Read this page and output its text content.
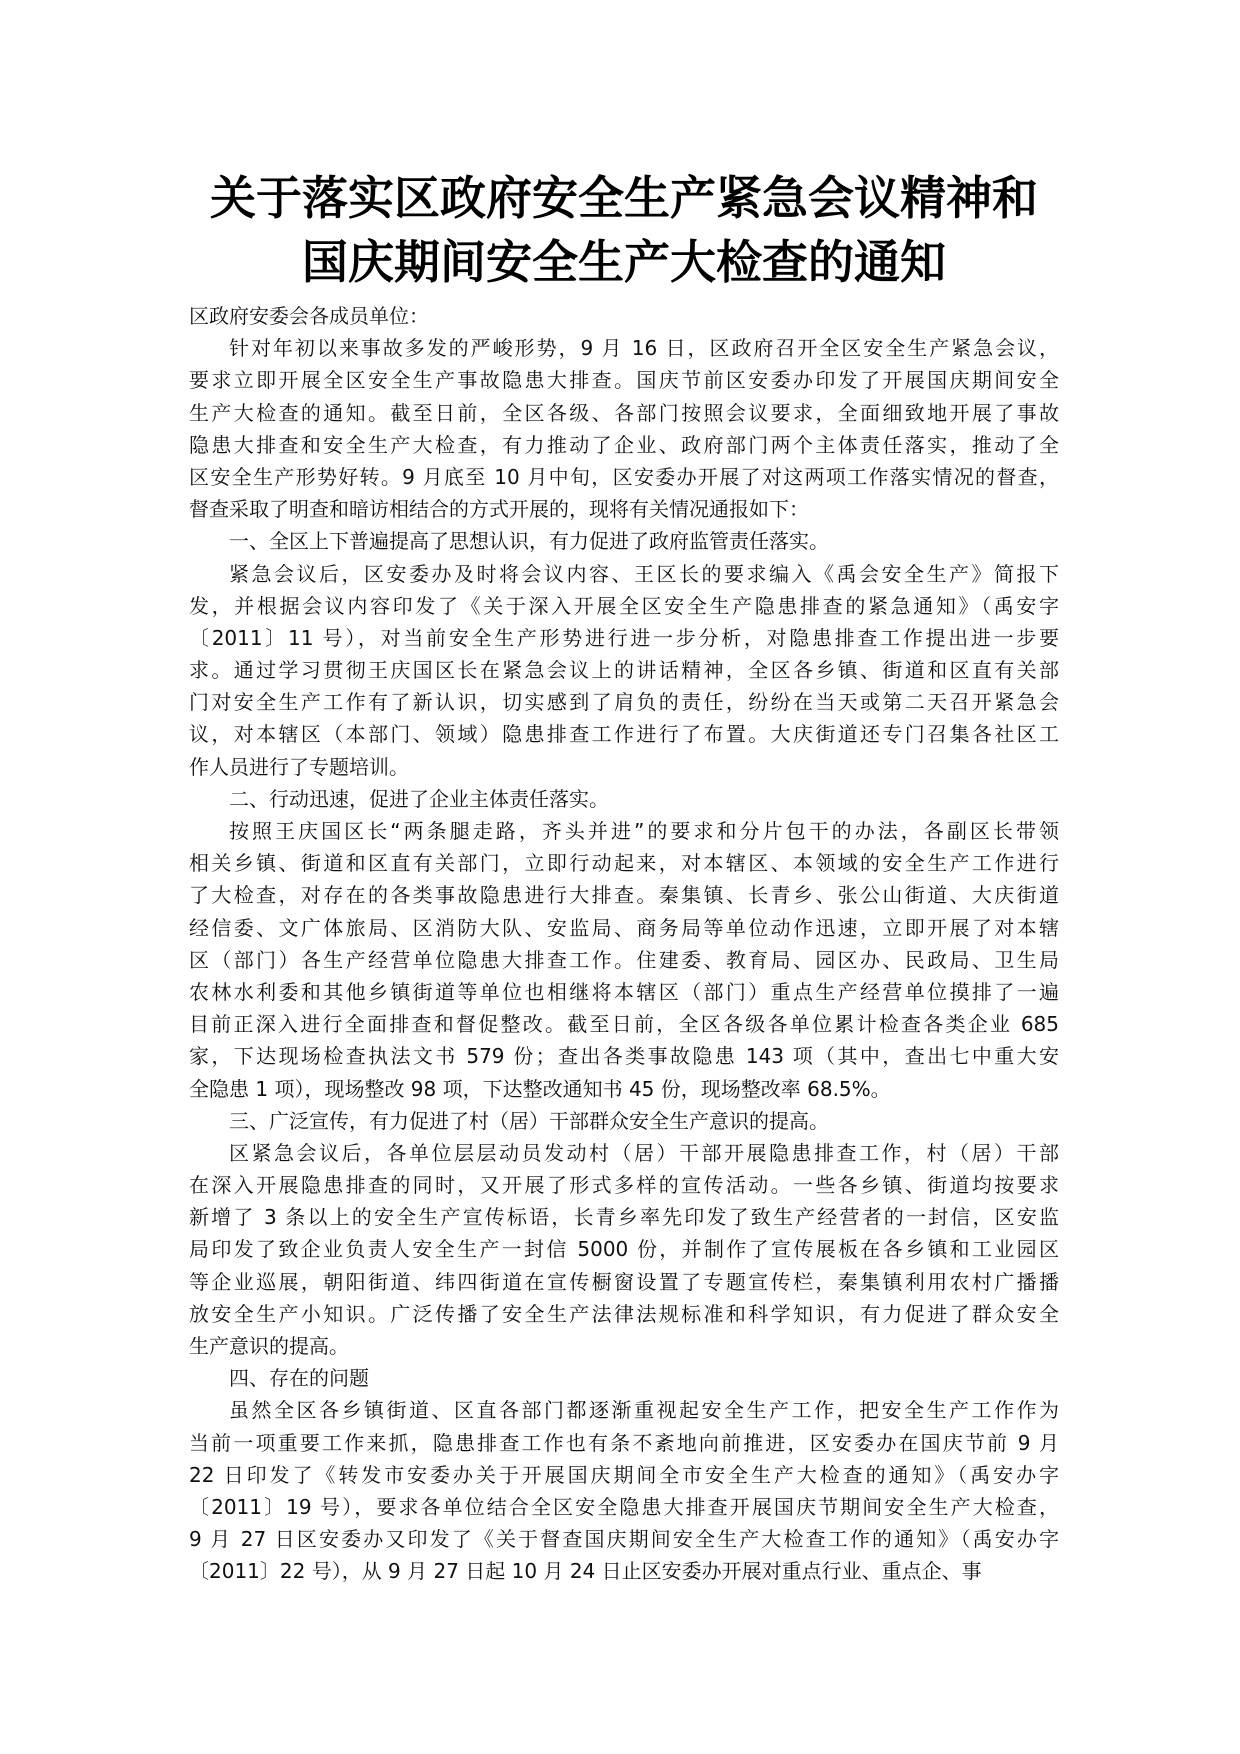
关于落实区政府安全生产紧急会议精神和
国庆期间安全生产大检查的通知
区政府安委会各成员单位：
针对年初以来事故多发的严峻形势，9 月 16 日，区政府召开全区安全生产紧急会议，
要求立即开展全区安全生产事故隐患大排查。国庆节前区安委办印发了开展国庆期间安全
生产大检查的通知。截至日前，全区各级、各部门按照会议要求，全面细致地开展了事故
隐患大排查和安全生产大检查，有力推动了企业、政府部门两个主体责任落实，推动了全
区安全生产形势好转。9 月底至 10 月中旬，区安委办开展了对这两项工作落实情况的督查，
督查采取了明查和暗访相结合的方式开展的，现将有关情况通报如下：
一、全区上下普遍提高了思想认识，有力促进了政府监管责任落实。
紧急会议后，区安委办及时将会议内容、王区长的要求编入《禹会安全生产》简报下
发，并根据会议内容印发了《关于深入开展全区安全生产隐患排查的紧急通知》（禹安字
〔2011〕11 号），对当前安全生产形势进行进一步分析，对隐患排查工作提出进一步要
求。通过学习贯彻王庆国区长在紧急会议上的讲话精神，全区各乡镇、街道和区直有关部
门对安全生产工作有了新认识，切实感到了肩负的责任，纷纷在当天或第二天召开紧急会
议，对本辖区（本部门、领域）隐患排查工作进行了布置。大庆街道还专门召集各社区工
作人员进行了专题培训。
二、行动迅速，促进了企业主体责任落实。
按照王庆国区长“两条腿走路，齐头并进”的要求和分片包干的办法，各副区长带领
相关乡镇、街道和区直有关部门，立即行动起来，对本辖区、本领域的安全生产工作进行
了大检查，对存在的各类事故隐患进行大排查。秦集镇、长青乡、张公山街道、大庆街道
经信委、文广体旅局、区消防大队、安监局、商务局等单位动作迅速，立即开展了对本辖
区（部门）各生产经营单位隐患大排查工作。住建委、教育局、园区办、民政局、卫生局
农林水利委和其他乡镇街道等单位也相继将本辖区（部门）重点生产经营单位摸排了一遍
目前正深入进行全面排查和督促整改。截至日前，全区各级各单位累计检查各类企业 685
家，下达现场检查执法文书 579 份；查出各类事故隐患 143 项（其中，查出七中重大安
全隐患 1 项），现场整改 98 项，下达整改通知书 45 份，现场整改率 68.5%。
三、广泛宣传，有力促进了村（居）干部群众安全生产意识的提高。
区紧急会议后，各单位层层动员发动村（居）干部开展隐患排查工作，村（居）干部
在深入开展隐患排查的同时，又开展了形式多样的宣传活动。一些各乡镇、街道均按要求
新增了 3 条以上的安全生产宣传标语，长青乡率先印发了致生产经营者的一封信，区安监
局印发了致企业负责人安全生产一封信 5000 份，并制作了宣传展板在各乡镇和工业园区
等企业巡展，朝阳街道、纬四街道在宣传橱窗设置了专题宣传栏，秦集镇利用农村广播播
放安全生产小知识。广泛传播了安全生产法律法规标准和科学知识，有力促进了群众安全
生产意识的提高。
四、存在的问题
虽然全区各乡镇街道、区直各部门都逐渐重视起安全生产工作，把安全生产工作作为
当前一项重要工作来抓，隐患排查工作也有条不紊地向前推进，区安委办在国庆节前 9 月
22 日印发了《转发市安委办关于开展国庆期间全市安全生产大检查的通知》（禹安办字
〔2011〕19 号），要求各单位结合全区安全隐患大排查开展国庆节期间安全生产大检查，
9 月 27 日区安委办又印发了《关于督查国庆期间安全生产大检查工作的通知》（禹安办字
〔2011〕22 号），从 9 月 27 日起 10 月 24 日止区安委办开展对重点行业、重点企、事
